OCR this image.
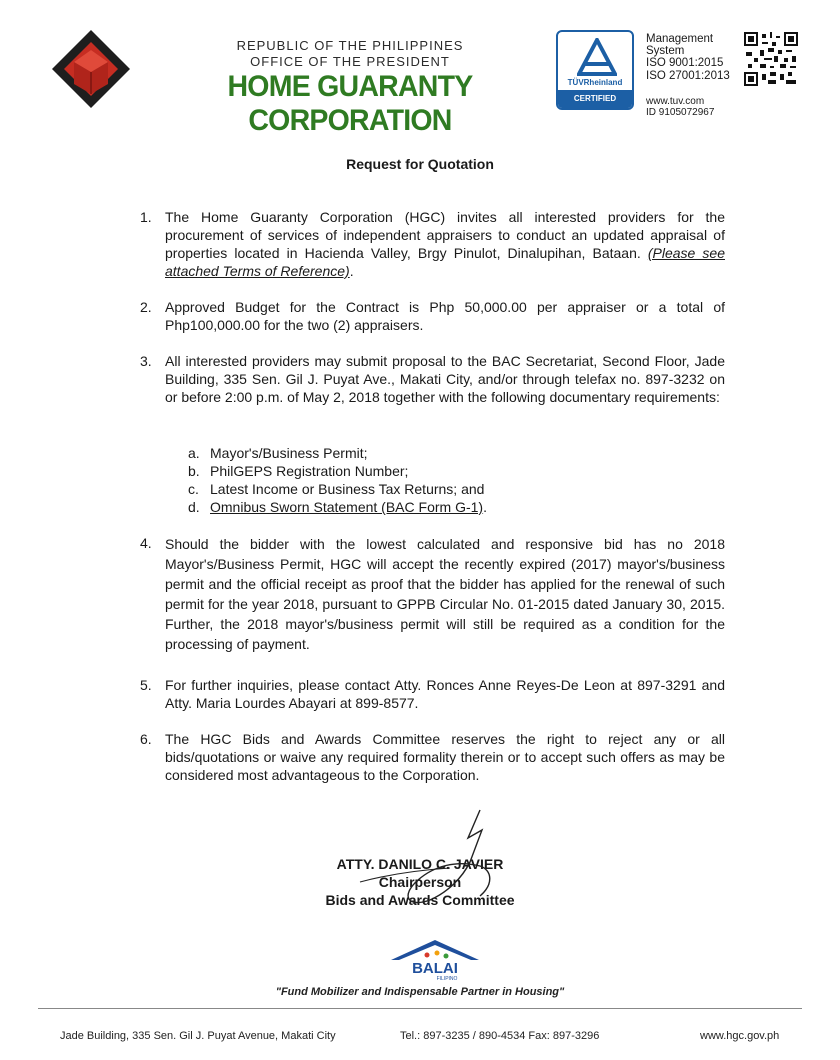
REPUBLIC OF THE PHILIPPINES
OFFICE OF THE PRESIDENT
HOME GUARANTY CORPORATION
TÜVRheinland
CERTIFIED
Management
System
ISO 9001:2015
ISO 27001:2013
www.tuv.com
ID 9105072967
Request for Quotation
1. The Home Guaranty Corporation (HGC) invites all interested providers for the procurement of services of independent appraisers to conduct an updated appraisal of properties located in Hacienda Valley, Brgy Pinulot, Dinalupihan, Bataan. (Please see attached Terms of Reference).
2. Approved Budget for the Contract is Php 50,000.00 per appraiser or a total of Php100,000.00 for the two (2) appraisers.
3. All interested providers may submit proposal to the BAC Secretariat, Second Floor, Jade Building, 335 Sen. Gil J. Puyat Ave., Makati City, and/or through telefax no. 897-3232 on or before 2:00 p.m. of May 2, 2018 together with the following documentary requirements:
a. Mayor's/Business Permit;
b. PhilGEPS Registration Number;
c. Latest Income or Business Tax Returns; and
d. Omnibus Sworn Statement (BAC Form G-1).
4. Should the bidder with the lowest calculated and responsive bid has no 2018 Mayor's/Business Permit, HGC will accept the recently expired (2017) mayor's/business permit and the official receipt as proof that the bidder has applied for the renewal of such permit for the year 2018, pursuant to GPPB Circular No. 01-2015 dated January 30, 2015. Further, the 2018 mayor's/business permit will still be required as a condition for the processing of payment.
5. For further inquiries, please contact Atty. Ronces Anne Reyes-De Leon at 897-3291 and Atty. Maria Lourdes Abayari at 899-8577.
6. The HGC Bids and Awards Committee reserves the right to reject any or all bids/quotations or waive any required formality therein or to accept such offers as may be considered most advantageous to the Corporation.
ATTY. DANILO C. JAVIER
Chairperson
Bids and Awards Committee
BALAI
FILIPINO
"Fund Mobilizer and Indispensable Partner in Housing"
Jade Building, 335 Sen. Gil J. Puyat Avenue, Makati City	Tel.: 897-3235 / 890-4534 Fax: 897-3296	www.hgc.gov.ph
